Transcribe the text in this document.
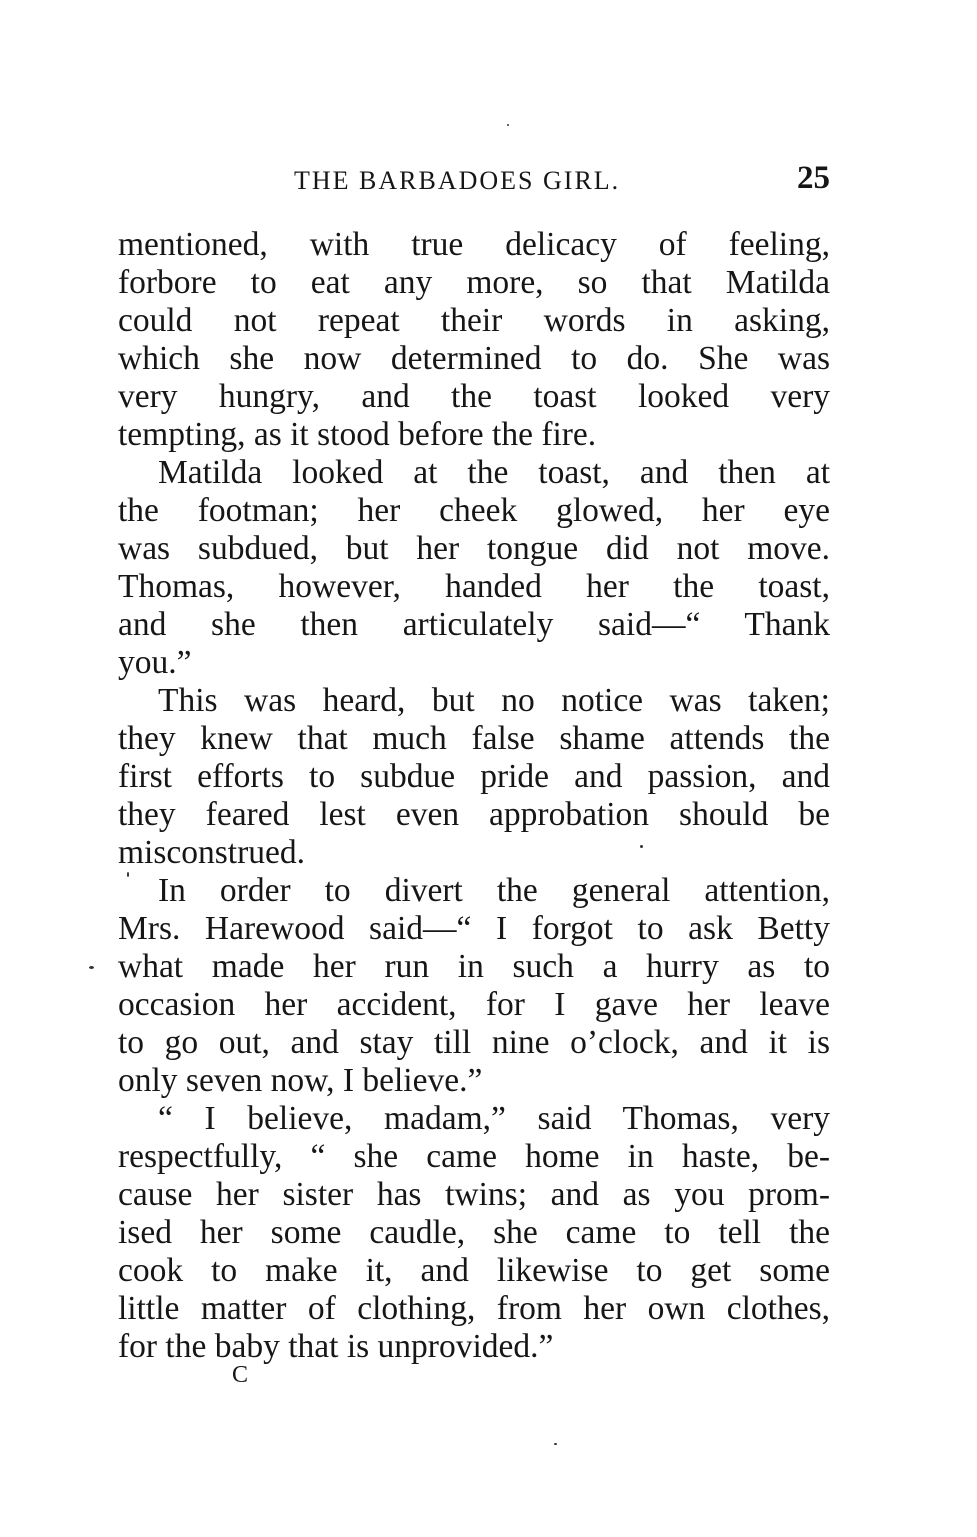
THE BARBADOES GIRL.	25
mentioned, with true delicacy of feeling,
forbore to eat any more, so that Matilda
could not repeat their words in asking,
which she now determined to do. She was
very hungry, and the toast looked very
tempting, as it stood before the fire.
Matilda looked at the toast, and then at
the footman; her cheek glowed, her eye
was subdued, but her tongue did not move.
Thomas, however, handed her the toast,
and she then articulately said—“ Thank
you.”
This was heard, but no notice was taken;
they knew that much false shame attends the
first efforts to subdue pride and passion, and
they feared lest even approbation should be
misconstrued.
In order to divert the general attention,
Mrs. Harewood said—“ I forgot to ask Betty
what made her run in such a hurry as to
occasion her accident, for I gave her leave
to go out, and stay till nine o’clock, and it is
only seven now, I believe.”
“ I believe, madam,” said Thomas, very
respectfully, “ she came home in haste, be-
cause her sister has twins; and as you prom-
ised her some caudle, she came to tell the
cook to make it, and likewise to get some
little matter of clothing, from her own clothes,
for the baby that is unprovided.”
C
